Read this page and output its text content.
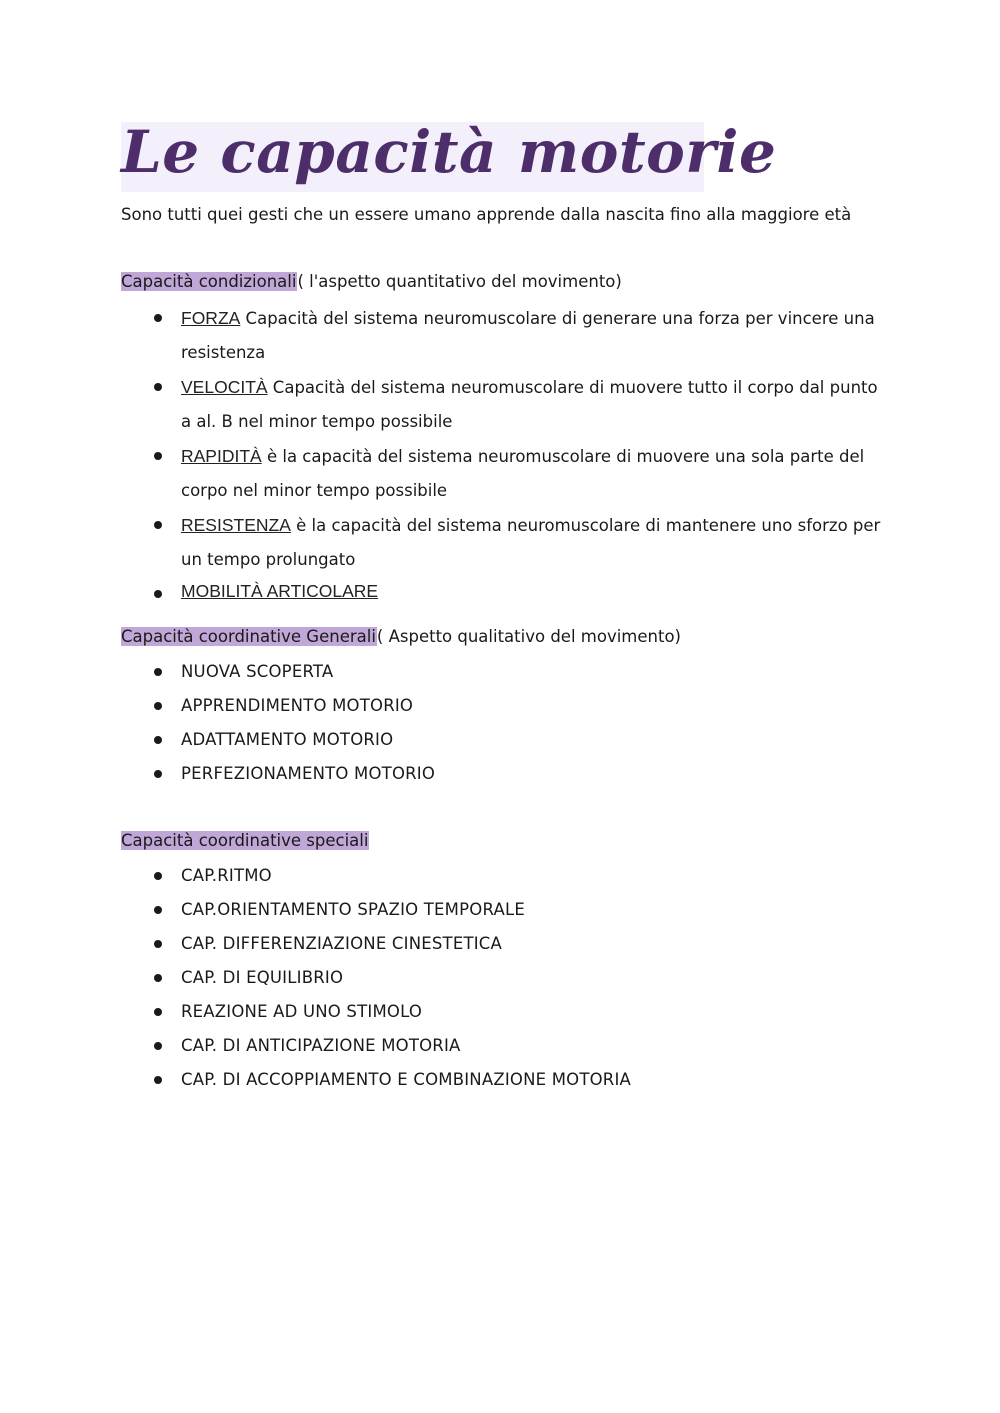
Le capacità motorie
Sono tutti quei gesti che un essere umano apprende dalla nascita fino alla maggiore età
Capacità condizionali( l'aspetto quantitativo del movimento)
FORZA Capacità del sistema neuromuscolare di generare una forza per vincere una resistenza
VELOCITÀ Capacità del sistema neuromuscolare di muovere tutto il corpo dal punto a al. B nel minor tempo possibile
RAPIDITÀ è la capacità del sistema neuromuscolare di muovere una sola parte del corpo nel minor tempo possibile
RESISTENZA è la capacità del sistema neuromuscolare di mantenere uno sforzo per un tempo prolungato
MOBILITÀ ARTICOLARE
Capacità coordinative Generali( Aspetto qualitativo del movimento)
NUOVA SCOPERTA
APPRENDIMENTO MOTORIO
ADATTAMENTO MOTORIO
PERFEZIONAMENTO MOTORIO
Capacità coordinative speciali
CAP.RITMO
CAP.ORIENTAMENTO SPAZIO TEMPORALE
CAP. DIFFERENZIAZIONE CINESTETICA
CAP. DI EQUILIBRIO
REAZIONE AD UNO STIMOLO
CAP. DI ANTICIPAZIONE MOTORIA
CAP. DI ACCOPPIAMENTO E COMBINAZIONE MOTORIA
